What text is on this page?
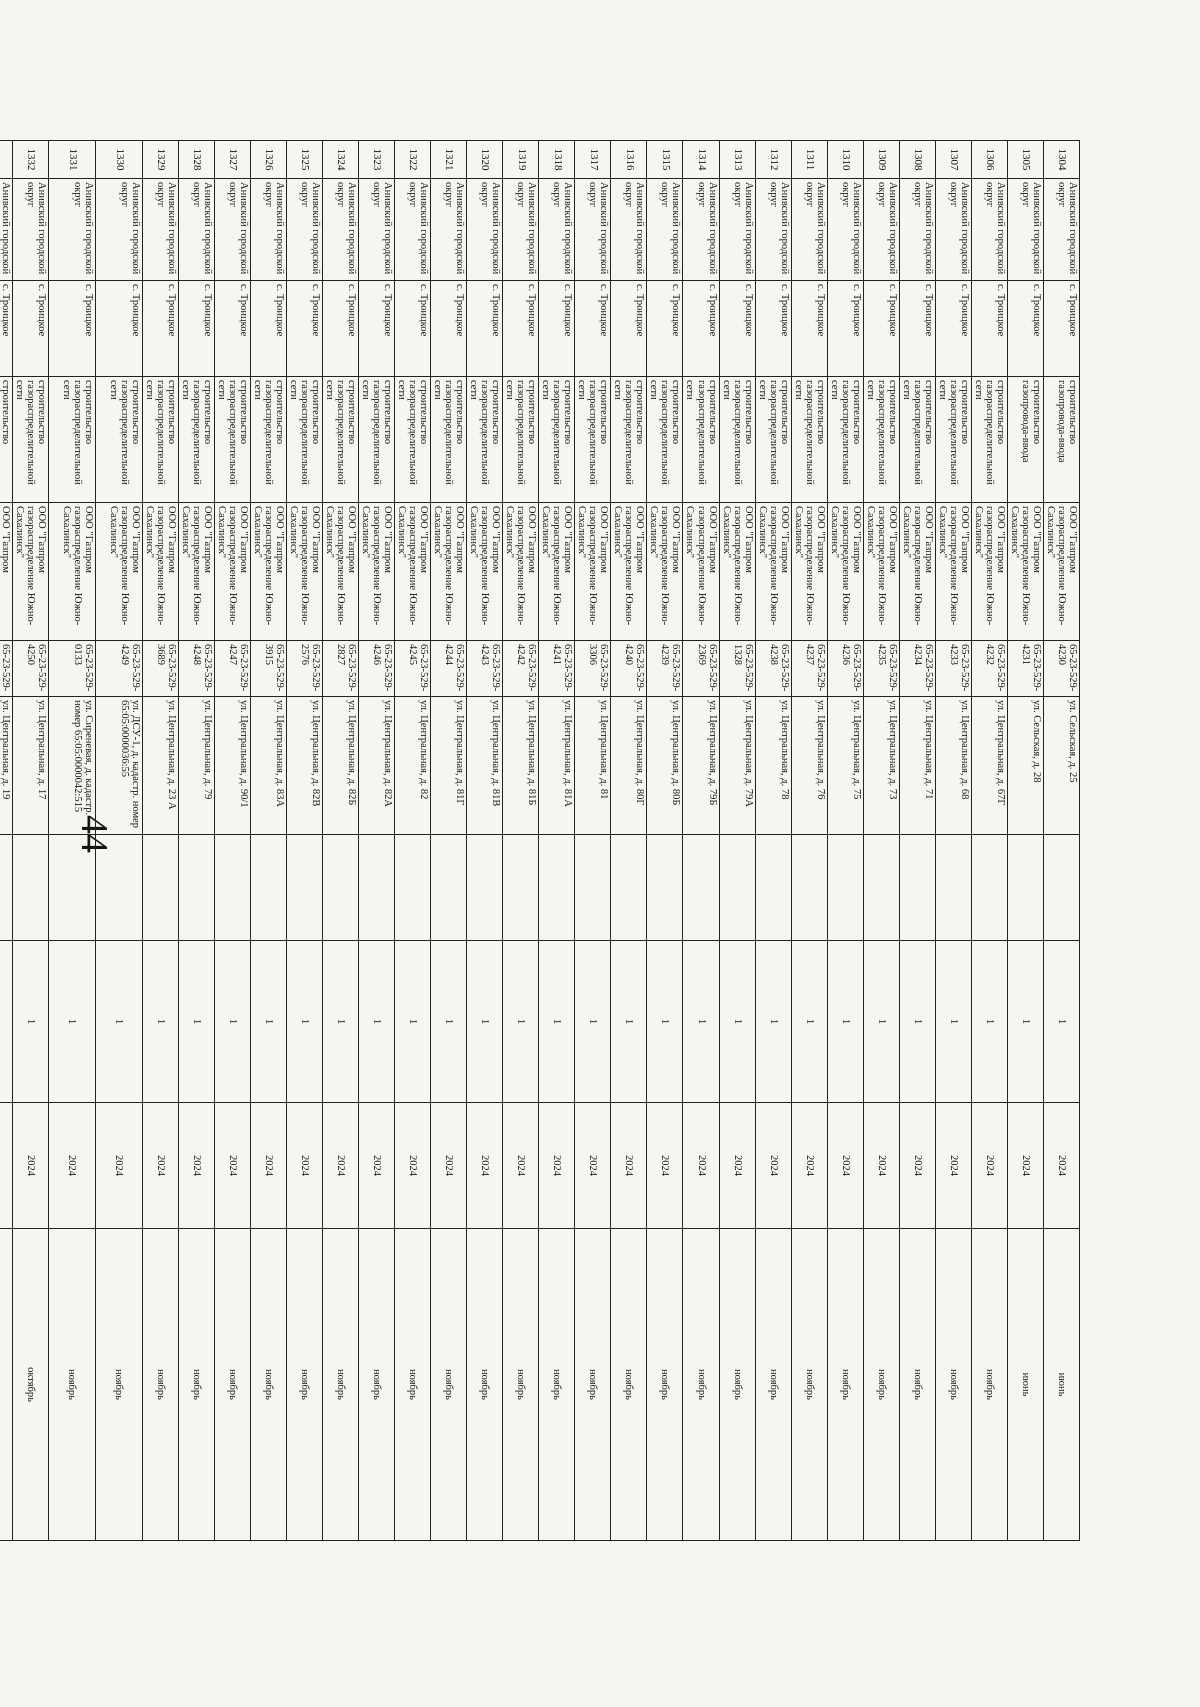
44
1304	Анивский городской округ	с. Троицкое	строительство газопровода-ввода	ООО "Газпром газораспределение Южно-Сахалинск"	65-23-529-4230	ул. Сельская, д. 25		1	2024	июнь
1305	Анивский городской округ	с. Троицкое	строительство газопровода-ввода	ООО "Газпром газораспределение Южно-Сахалинск"	65-23-529-4231	ул. Сельская, д. 28		1	2024	июнь
1306	Анивский городской округ	с. Троицкое	строительство газораспределительной сети	ООО "Газпром газораспределение Южно-Сахалинск"	65-23-529-4232	ул. Центральная, д. 67Г		1	2024	ноябрь
1307	Анивский городской округ	с. Троицкое	строительство газораспределительной сети	ООО "Газпром газораспределение Южно-Сахалинск"	65-23-529-4233	ул. Центральная, д. 68		1	2024	ноябрь
1308	Анивский городской округ	с. Троицкое	строительство газораспределительной сети	ООО "Газпром газораспределение Южно-Сахалинск"	65-23-529-4234	ул. Центральная, д. 71		1	2024	ноябрь
1309	Анивский городской округ	с. Троицкое	строительство газораспределительной сети	ООО "Газпром газораспределение Южно-Сахалинск"	65-23-529-4235	ул. Центральная, д. 73		1	2024	ноябрь
1310	Анивский городской округ	с. Троицкое	строительство газораспределительной сети	ООО "Газпром газораспределение Южно-Сахалинск"	65-23-529-4236	ул. Центральная, д. 75		1	2024	ноябрь
1311	Анивский городской округ	с. Троицкое	строительство газораспределительной сети	ООО "Газпром газораспределение Южно-Сахалинск"	65-23-529-4237	ул. Центральная, д. 76		1	2024	ноябрь
1312	Анивский городской округ	с. Троицкое	строительство газораспределительной сети	ООО "Газпром газораспределение Южно-Сахалинск"	65-23-529-4238	ул. Центральная, д. 78		1	2024	ноябрь
1313	Анивский городской округ	с. Троицкое	строительство газораспределительной сети	ООО "Газпром газораспределение Южно-Сахалинск"	65-23-529-1328	ул. Центральная, д. 79А		1	2024	ноябрь
1314	Анивский городской округ	с. Троицкое	строительство газораспределительной сети	ООО "Газпром газораспределение Южно-Сахалинск"	65-23-529-2369	ул. Центральная, д. 79Б		1	2024	ноябрь
1315	Анивский городской округ	с. Троицкое	строительство газораспределительной сети	ООО "Газпром газораспределение Южно-Сахалинск"	65-23-529-4239	ул. Центральная, д. 80Б		1	2024	ноябрь
1316	Анивский городской округ	с. Троицкое	строительство газораспределительной сети	ООО "Газпром газораспределение Южно-Сахалинск"	65-23-529-4240	ул. Центральная, д. 80Г		1	2024	ноябрь
1317	Анивский городской округ	с. Троицкое	строительство газораспределительной сети	ООО "Газпром газораспределение Южно-Сахалинск"	65-23-529-3306	ул. Центральная, д. 81		1	2024	ноябрь
1318	Анивский городской округ	с. Троицкое	строительство газораспределительной сети	ООО "Газпром газораспределение Южно-Сахалинск"	65-23-529-4241	ул. Центральная, д. 81А		1	2024	ноябрь
1319	Анивский городской округ	с. Троицкое	строительство газораспределительной сети	ООО "Газпром газораспределение Южно-Сахалинск"	65-23-529-4242	ул. Центральная, д. 81Б		1	2024	ноябрь
1320	Анивский городской округ	с. Троицкое	строительство газораспределительной сети	ООО "Газпром газораспределение Южно-Сахалинск"	65-23-529-4243	ул. Центральная, д. 81В		1	2024	ноябрь
1321	Анивский городской округ	с. Троицкое	строительство газораспределительной сети	ООО "Газпром газораспределение Южно-Сахалинск"	65-23-529-4244	ул. Центральная, д. 81Г		1	2024	ноябрь
1322	Анивский городской округ	с. Троицкое	строительство газораспределительной сети	ООО "Газпром газораспределение Южно-Сахалинск"	65-23-529-4245	ул. Центральная, д. 82		1	2024	ноябрь
1323	Анивский городской округ	с. Троицкое	строительство газораспределительной сети	ООО "Газпром газораспределение Южно-Сахалинск"	65-23-529-4246	ул. Центральная, д. 82А		1	2024	ноябрь
1324	Анивский городской округ	с. Троицкое	строительство газораспределительной сети	ООО "Газпром газораспределение Южно-Сахалинск"	65-23-529-2827	ул. Центральная, д. 82Б		1	2024	ноябрь
1325	Анивский городской округ	с. Троицкое	строительство газораспределительной сети	ООО "Газпром газораспределение Южно-Сахалинск"	65-23-529-2576	ул. Центральная, д. 82В		1	2024	ноябрь
1326	Анивский городской округ	с. Троицкое	строительство газораспределительной сети	ООО "Газпром газораспределение Южно-Сахалинск"	65-23-529-3915	ул. Центральная, д. 83А		1	2024	ноябрь
1327	Анивский городской округ	с. Троицкое	строительство газораспределительной сети	ООО "Газпром газораспределение Южно-Сахалинск"	65-23-529-4247	ул. Центральная, д. 90/1		1	2024	ноябрь
1328	Анивский городской округ	с. Троицкое	строительство газораспределительной сети	ООО "Газпром газораспределение Южно-Сахалинск"	65-23-529-4248	ул. Центральная, д. 79		1	2024	ноябрь
1329	Анивский городской округ	с. Троицкое	строительство газораспределительной сети	ООО "Газпром газораспределение Южно-Сахалинск"	65-23-529-3689	ул. Центральная, д. 23 А		1	2024	ноябрь
1330	Анивский городской округ	с. Троицкое	строительство газораспределительной сети	ООО "Газпром газораспределение Южно-Сахалинск"	65-23-529-4249	ул. ДСУ-1, д. кадастр. номер 65:05:0000036:55		1	2024	ноябрь
1331	Анивский городской округ	с. Троицкое	строительство газораспределительной сети	ООО "Газпром газораспределение Южно-Сахалинск"	65-23-529-0133	ул. Сиреневая, д. кадастр. номер 65:05:0000042:515		1	2024	ноябрь
1332	Анивский городской округ	с. Троицкое	строительство газораспределительной сети	ООО "Газпром газораспределение Южно-Сахалинск"	65-23-529-4250	ул. Центральная, д. 17		1	2024	октябрь
	Анивский городской	с. Троицкое	строительство	ООО "Газпром	65-23-529-	ул. Центральная, д. 19				
